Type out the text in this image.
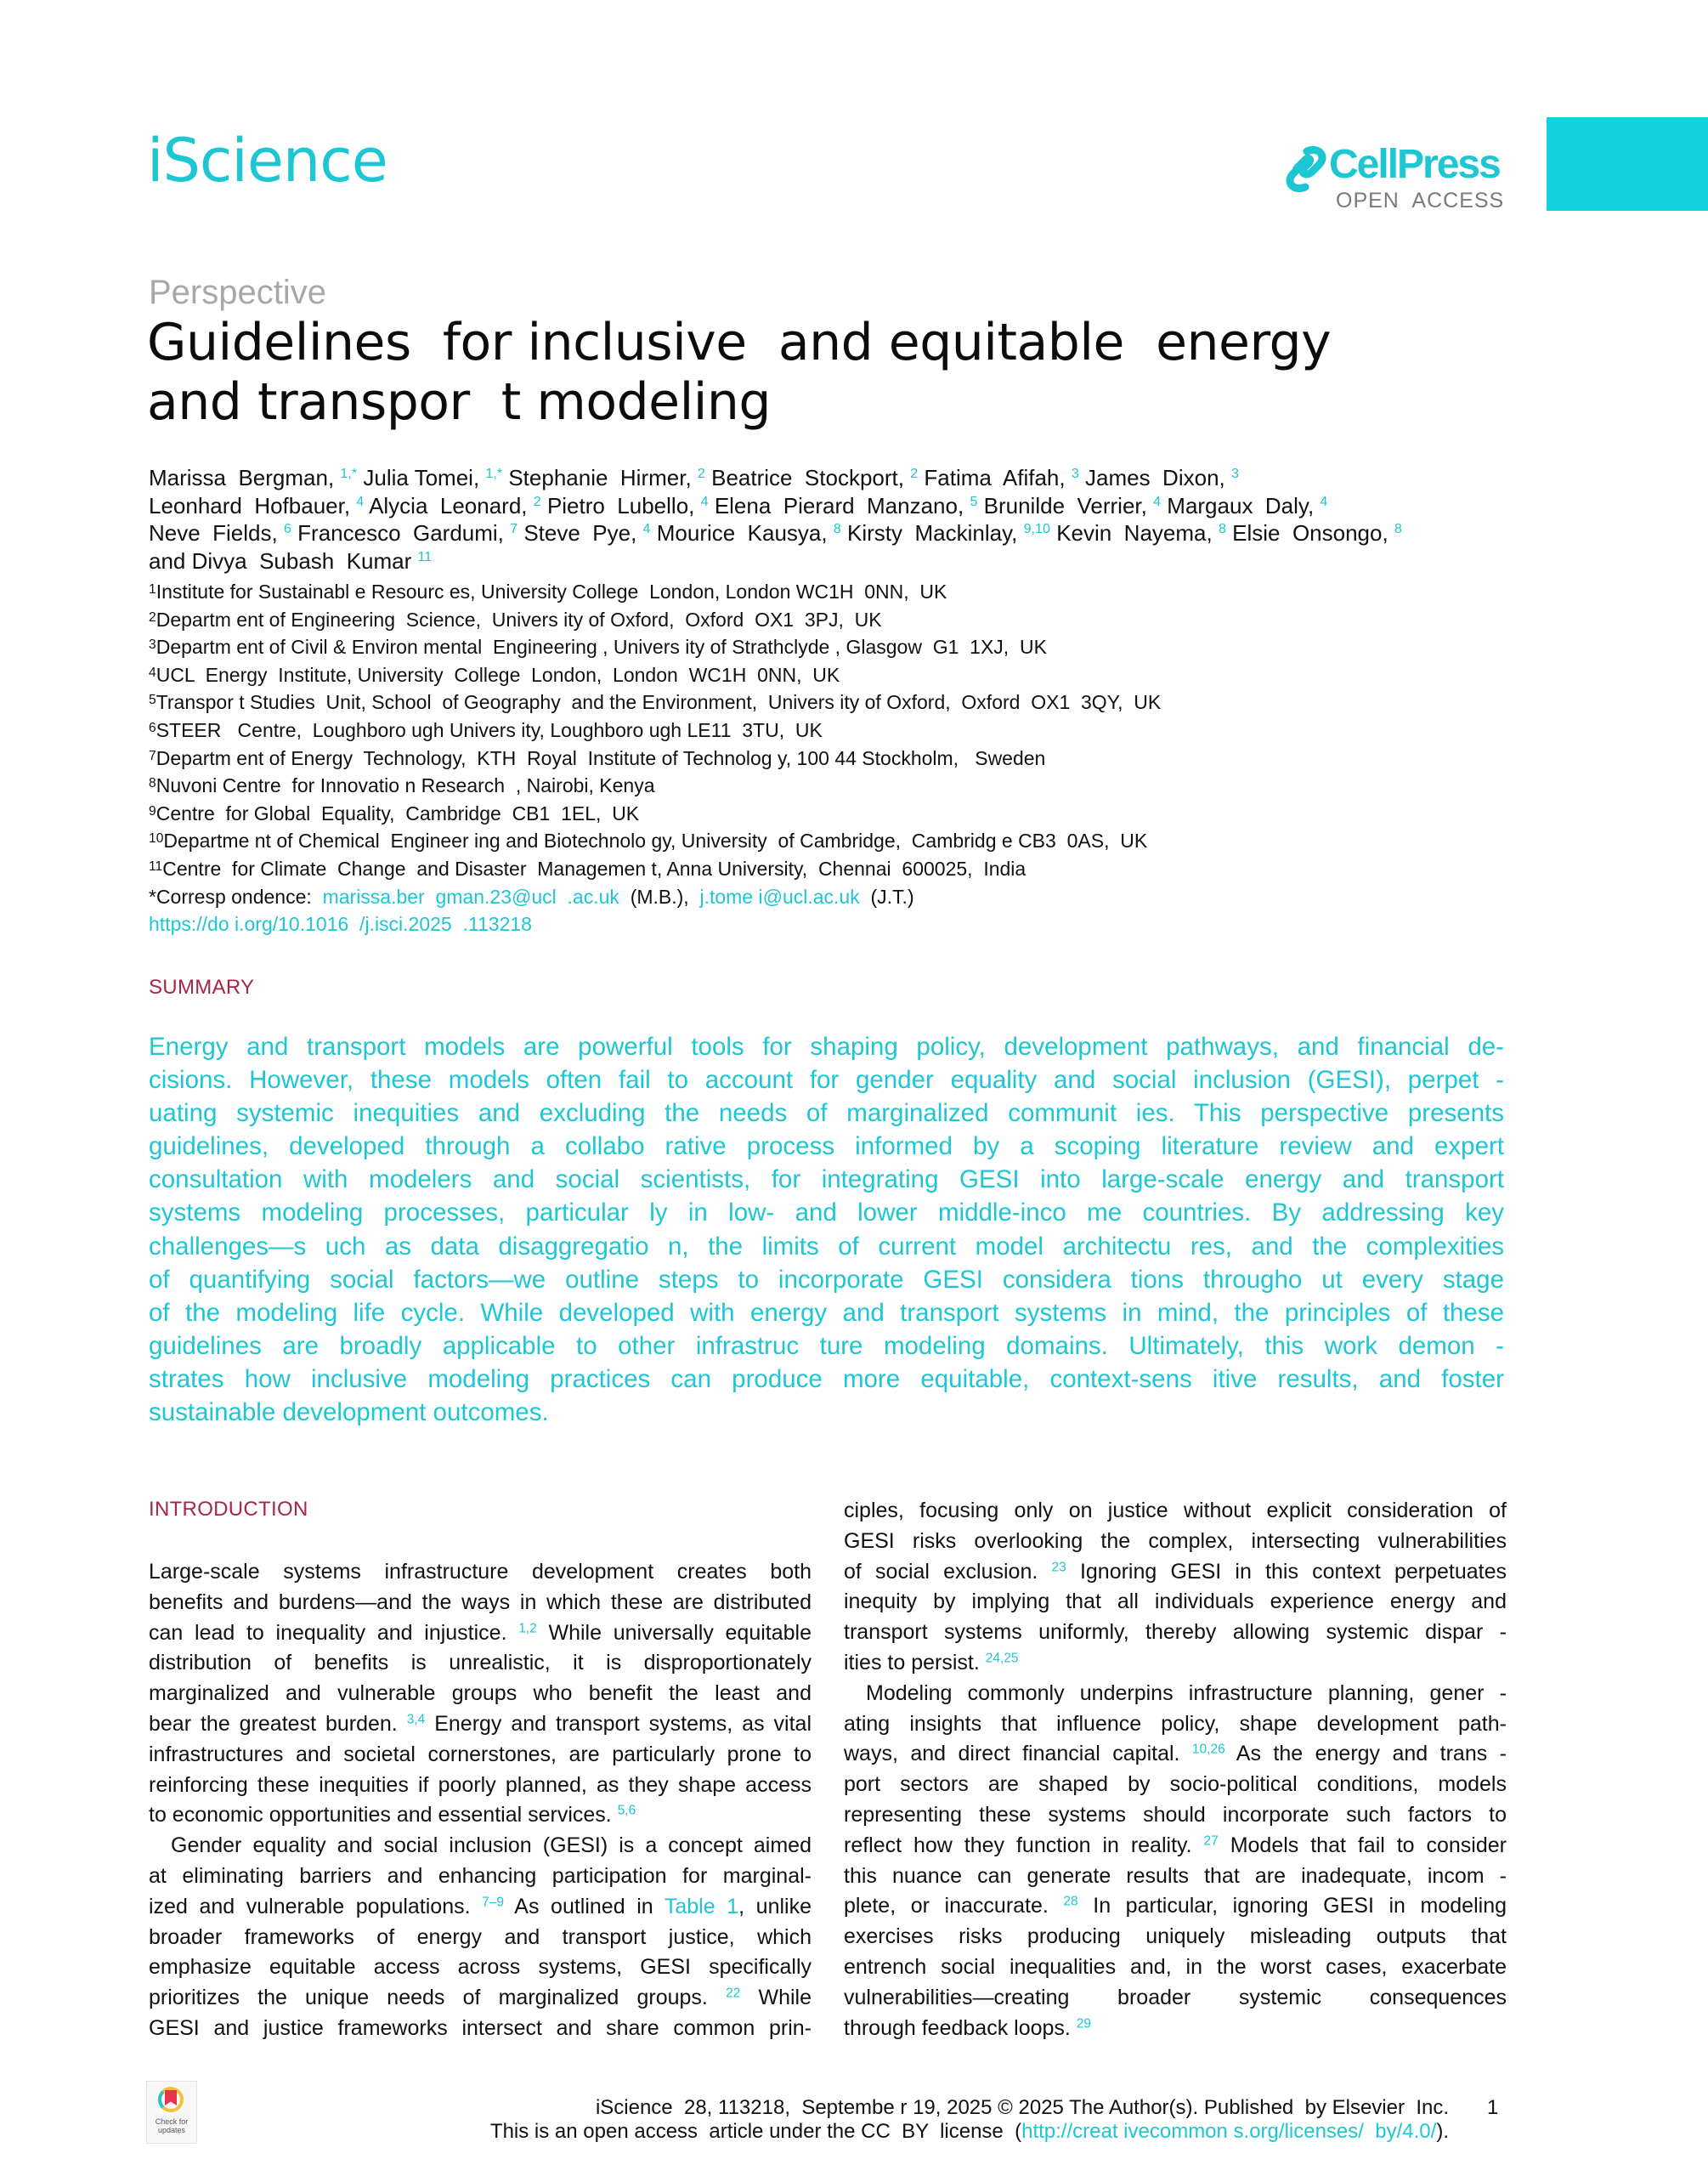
iScience	CellPress
OPEN ACCESS
Perspective
Guidelines  for inclusive  and equitable  energy
and transpor  t modeling
Marissa  Bergman, $^{1,*}$ Julia Tomei, $^{1,*}$ Stephanie  Hirmer, $^2$ Beatrice  Stockport, $^2$ Fatima  Afifah, $^3$ James  Dixon, $^3$
Leonhard  Hofbauer, $^4$ Alycia  Leonard, $^2$ Pietro  Lubello, $^4$ Elena  Pierard  Manzano, $^5$ Brunilde  Verrier, $^4$ Margaux  Daly, $^4$
Neve  Fields, $^6$ Francesco  Gardumi, $^7$ Steve  Pye, $^4$ Mourice  Kausya, $^8$ Kirsty  Mackinlay, $^{9,10}$ Kevin  Nayema, $^8$ Elsie  Onsongo, $^8$
and Divya  Subash  Kumar $^{11}$
$^1$Institute for Sustainabl e Resourc es, University College  London, London WC1H  0NN,  UK
$^2$Departm ent of Engineering  Science,  Univers ity of Oxford,  Oxford  OX1  3PJ,  UK
$^3$Departm ent of Civil & Environ mental  Engineering , Univers ity of Strathclyde , Glasgow  G1  1XJ,  UK
$^4$UCL  Energy  Institute, University  College  London,  London  WC1H  0NN,  UK
$^5$Transpor t Studies  Unit, School  of Geography  and the Environment,  Univers ity of Oxford,  Oxford  OX1  3QY,  UK
$^6$STEER   Centre,  Loughboro ugh Univers ity, Loughboro ugh LE11  3TU,  UK
$^7$Departm ent of Energy  Technology,  KTH  Royal  Institute of Technolog y, 100 44 Stockholm,   Sweden
$^8$Nuvoni Centre  for Innovatio n Research  , Nairobi, Kenya
$^9$Centre  for Global  Equality,  Cambridge  CB1  1EL,  UK
$^{10}$Departme nt of Chemical  Engineer ing and Biotechnolo gy, University  of Cambridge,  Cambridg e CB3  0AS,  UK
$^{11}$Centre  for Climate  Change  and Disaster  Managemen t, Anna University,  Chennai  600025,  India
*Corresp ondence: marissa.ber  gman.23@ucl  .ac.uk (M.B.), j.tome i@ucl.ac.uk (J.T.)
https://do i.org/10.1016  /j.isci.2025  .113218
SUMMARY
Energy and transport models are powerful tools for shaping policy, development pathways, and financial de-
cisions. However, these models often fail to account for gender equality and social inclusion (GESI), perpet -
uating systemic inequities and excluding the needs of marginalized communit ies. This perspective presents
guidelines, developed through a collabo rative process informed by a scoping literature review and expert
consultation with modelers and social scientists, for integrating GESI into large-scale energy and transport
systems modeling processes, particular ly in low- and lower middle-inco me countries. By addressing key
challenges—s uch as data disaggregatio n, the limits of current model architectu res, and the complexities
of quantifying social factors—we outline steps to incorporate GESI considera tions througho ut every stage
of the modeling life cycle. While developed with energy and transport systems in mind, the principles of these
guidelines are broadly applicable to other infrastruc ture modeling domains. Ultimately, this work demon -
strates how inclusive modeling practices can produce more equitable, context-sens itive results, and foster
sustainable development outcomes.
INTRODUCTION
Large-scale systems infrastructure development creates both
benefits and burdens—and the ways in which these are distributed
can lead to inequality and injustice. $^{1,2}$ While universally equitable
distribution of benefits is unrealistic, it is disproportionately
marginalized and vulnerable groups who benefit the least and
bear the greatest burden. $^{3,4}$ Energy and transport systems, as vital
infrastructures and societal cornerstones, are particularly prone to
reinforcing these inequities if poorly planned, as they shape access
to economic opportunities and essential services. $^{5,6}$
Gender equality and social inclusion (GESI) is a concept aimed
at eliminating barriers and enhancing participation for marginal-
ized and vulnerable populations. $^{7-9}$ As outlined in Table 1, unlike
broader frameworks of energy and transport justice, which
emphasize equitable access across systems, GESI specifically
prioritizes the unique needs of marginalized groups. $^{22}$ While
GESI and justice frameworks intersect and share common prin-
ciples, focusing only on justice without explicit consideration of
GESI risks overlooking the complex, intersecting vulnerabilities
of social exclusion. $^{23}$ Ignoring GESI in this context perpetuates
inequity by implying that all individuals experience energy and
transport systems uniformly, thereby allowing systemic dispar -
ities to persist. $^{24,25}$
Modeling commonly underpins infrastructure planning, gener -
ating insights that influence policy, shape development path-
ways, and direct financial capital. $^{10,26}$ As the energy and trans -
port sectors are shaped by socio-political conditions, models
representing these systems should incorporate such factors to
reflect how they function in reality. $^{27}$ Models that fail to consider
this nuance can generate results that are inadequate, incom -
plete, or inaccurate. $^{28}$ In particular, ignoring GESI in modeling
exercises risks producing uniquely misleading outputs that
entrench social inequalities and, in the worst cases, exacerbate
vulnerabilities—creating broader systemic consequences
through feedback loops. $^{29}$
Check for updates
iScience  28, 113218,  Septembe r 19, 2025 © 2025 The Author(s). Published  by Elsevier  Inc. 1
This is an open access  article under the CC  BY  license  (http://creat ivecommon s.org/licenses/  by/4.0/).
